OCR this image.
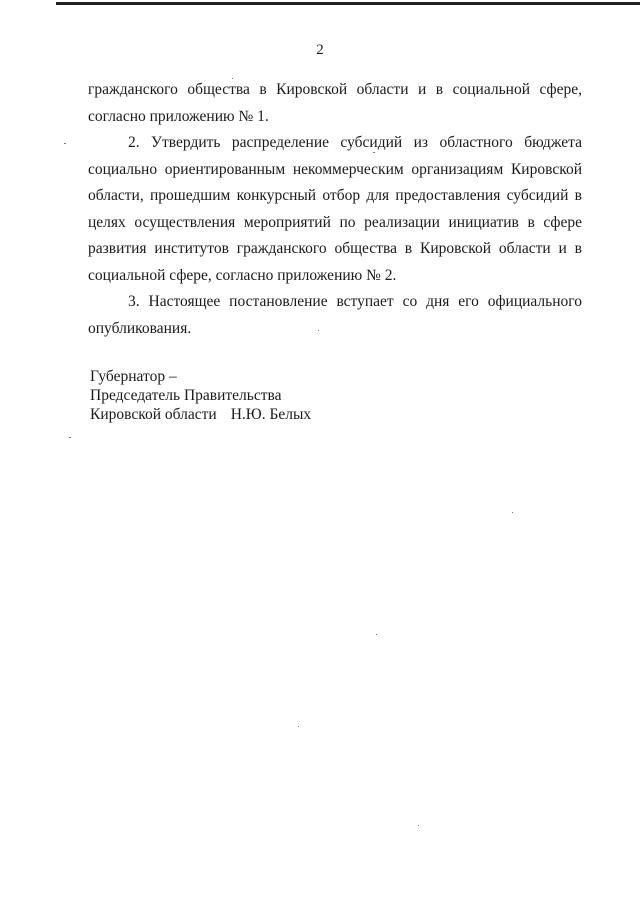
2

гражданского общества в Кировской области и в социальной сфере, согласно приложению № 1.

2. Утвердить распределение субсидий из областного бюджета социально ориентированным некоммерческим организациям Кировской области, прошедшим конкурсный отбор для предоставления субсидий в целях осуществления мероприятий по реализации инициатив в сфере развития институтов гражданского общества в Кировской области и в социальной сфере, согласно приложению № 2.

3. Настоящее постановление вступает со дня его официального опубликования.

Губернатор –
Председатель Правительства
Кировской области Н.Ю. Белых
